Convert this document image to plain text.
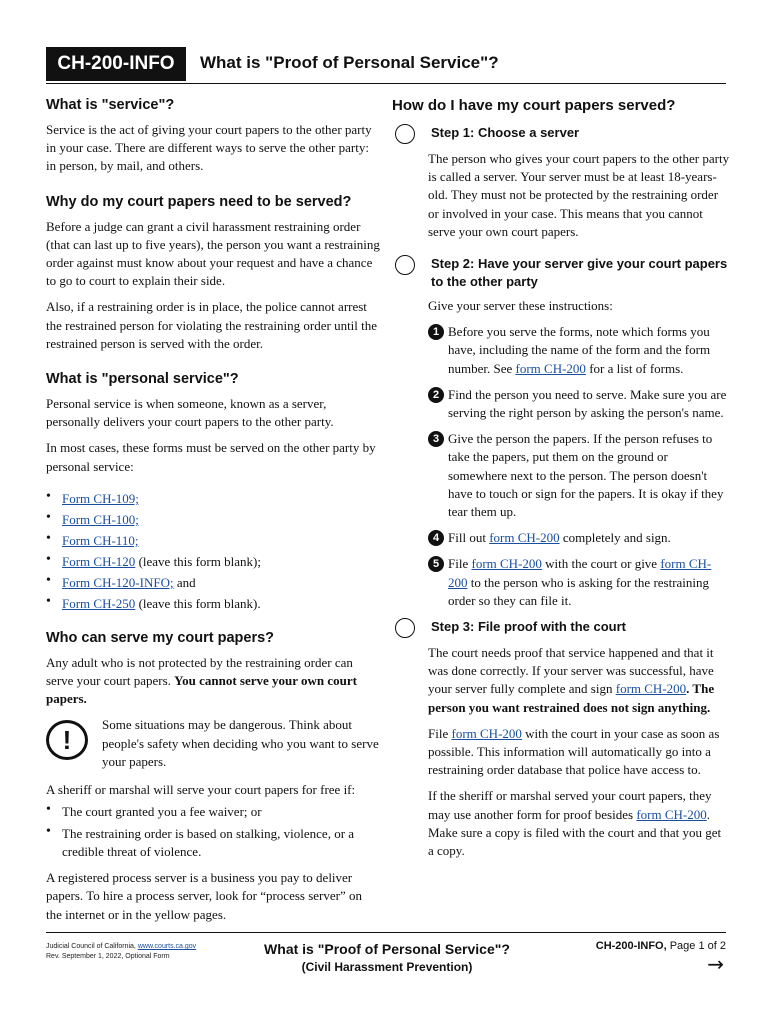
CH-200-INFO	What is "Proof of Personal Service"?
What is "service"?

Service is the act of giving your court papers to the other party in your case. There are different ways to serve the other party: in person, by mail, and others.

Why do my court papers need to be served?

Before a judge can grant a civil harassment restraining order (that can last up to five years), the person you want a restraining order against must know about your request and have a chance to go to court to explain their side.

Also, if a restraining order is in place, the police cannot arrest the restrained person for violating the restraining order until the restrained person is served with the order.

What is "personal service"?

Personal service is when someone, known as a server, personally delivers your court papers to the other party.

In most cases, these forms must be served on the other party by personal service:

• Form CH-109;
• Form CH-100;
• Form CH-110;
• Form CH-120 (leave this form blank);
• Form CH-120-INFO; and
• Form CH-250 (leave this form blank).
Who can serve my court papers?

Any adult who is not protected by the restraining order can serve your court papers. You cannot serve your own court papers.

!	Some situations may be dangerous. Think about people's safety when deciding who you want to serve your papers.

A sheriff or marshal will serve your court papers for free if:

• The court granted you a fee waiver; or
• The restraining order is based on stalking, violence, or a credible threat of violence.

A registered process server is a business you pay to deliver papers. To hire a process server, look for “process server” on the internet or in the yellow pages.

How do I have my court papers served?
Step 1: Choose a server

The person who gives your court papers to the other party is called a server. Your server must be at least 18-years-old. They must not be protected by the restraining order or involved in your case. This means that you cannot serve your own court papers.

Step 2: Have your server give your court papers to the other party

Give your server these instructions:

1 Before you serve the forms, note which forms you have, including the name of the form and the form number. See form CH-200 for a list of forms.

2 Find the person you need to serve. Make sure you are serving the right person by asking the person's name.

3 Give the person the papers. If the person refuses to take the papers, put them on the ground or somewhere next to the person. The person doesn't have to touch or sign for the papers. It is okay if they tear them up.

4 Fill out form CH-200 completely and sign.

5 File form CH-200 with the court or give form CH-200 to the person who is asking for the restraining order so they can file it.

Step 3: File proof with the court

The court needs proof that service happened and that it was done correctly. If your server was successful, have your server fully complete and sign form CH-200. The person you want restrained does not sign anything.

File form CH-200 with the court in your case as soon as possible. This information will automatically go into a restraining order database that police have access to.

If the sheriff or marshal served your court papers, they may use another form for proof besides form CH-200. Make sure a copy is filed with the court and that you get a copy.

Judicial Council of California, www.courts.ca.gov
Rev. September 1, 2022, Optional Form	What is "Proof of Personal Service"?
(Civil Harassment Prevention)
CH-200-INFO, Page 1 of 2
→
